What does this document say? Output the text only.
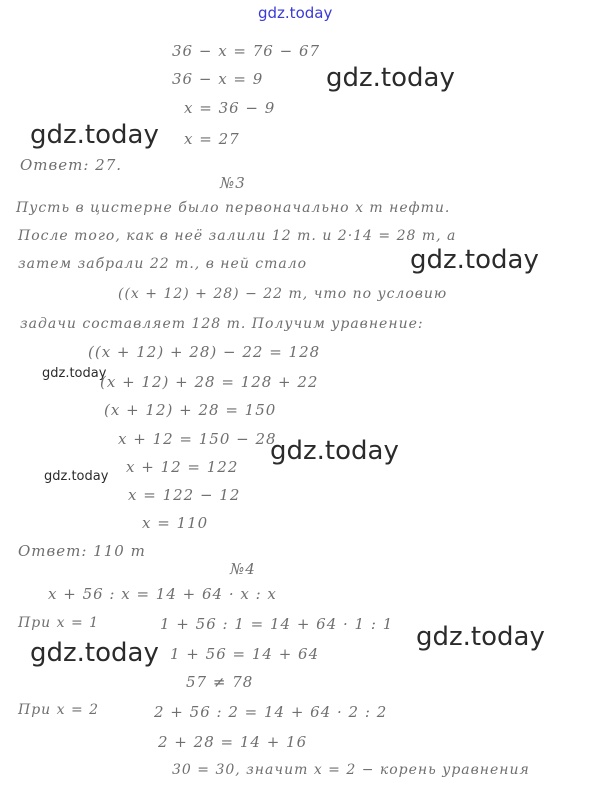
36 − x = 76 − 67
36 − x = 9
x = 36 − 9
x = 27
Ответ: 27.
№3
Пусть в цистерне было первоначально x т нефти.
После того, как в неё залили 12 т. и 2·14 = 28 т, а
затем забрали 22 т., в ней стало
((x + 12) + 28) − 22 т, что по условию
задачи составляет 128 т. Получим уравнение:
((x + 12) + 28) − 22 = 128
(x + 12) + 28 = 128 + 22
(x + 12) + 28 = 150
x + 12 = 150 − 28
x + 12 = 122
x = 122 − 12
x = 110
Ответ: 110 т
№4
x + 56 : x = 14 + 64 · x : x
При x = 1	1 + 56 : 1 = 14 + 64 · 1 : 1
1 + 56 = 14 + 64
57 ≠ 78
При x = 2	2 + 56 : 2 = 14 + 64 · 2 : 2
2 + 28 = 14 + 16
30 = 30, значит x = 2 − корень уравнения
gdz.today
gdz.today
gdz.today
gdz.today
gdz.today
gdz.today
gdz.today
gdz.today
gdz.today
